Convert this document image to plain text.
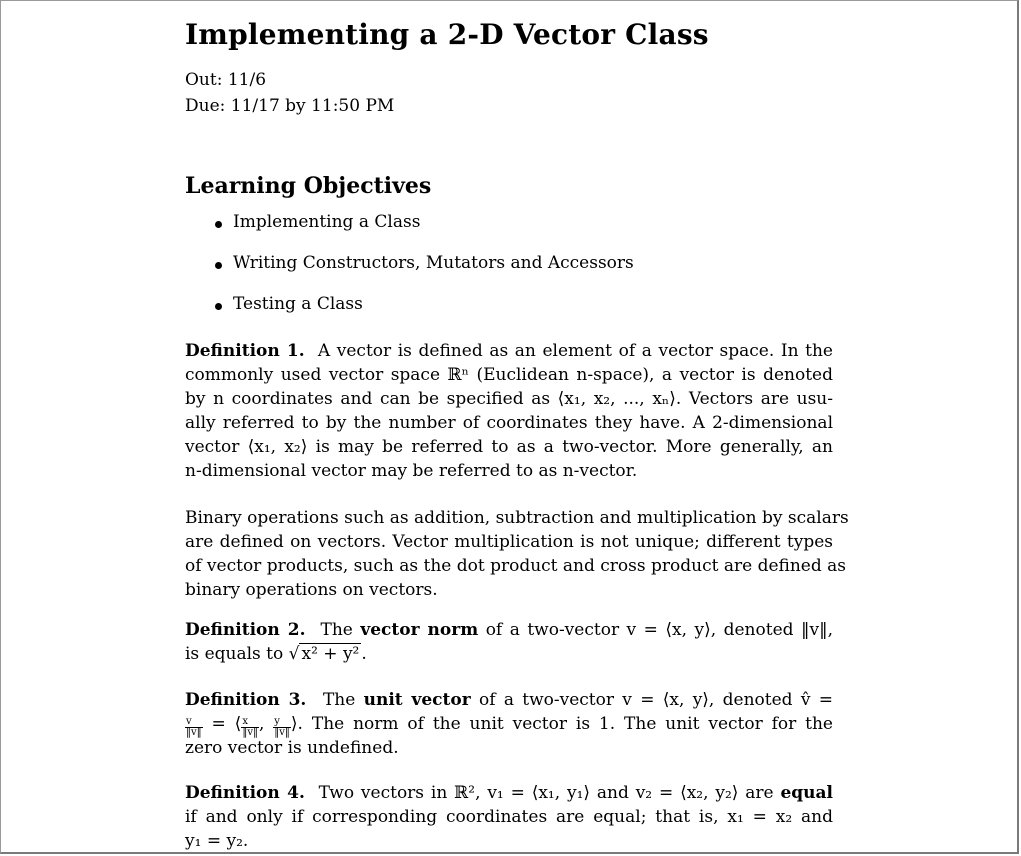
Implementing a 2-D Vector Class
Out: 11/6
Due: 11/17 by 11:50 PM
Learning Objectives
Implementing a Class
Writing Constructors, Mutators and Accessors
Testing a Class
Definition 1. A vector is defined as an element of a vector space. In the
commonly used vector space ℝⁿ (Euclidean n-space), a vector is denoted
by n coordinates and can be specified as ⟨x₁, x₂, ..., xₙ⟩. Vectors are usu-
ally referred to by the number of coordinates they have. A 2-dimensional
vector ⟨x₁, x₂⟩ is may be referred to as a two-vector. More generally, an
n-dimensional vector may be referred to as n-vector.
Binary operations such as addition, subtraction and multiplication by scalars
are defined on vectors. Vector multiplication is not unique; different types
of vector products, such as the dot product and cross product are defined as
binary operations on vectors.
Definition 2. The vector norm of a two-vector v = ⟨x, y⟩, denoted ‖v‖,
is equals to √ x² + y² .
Definition 3. The unit vector of a two-vector v = ⟨x, y⟩, denoted v̂ =
$\frac{v}{‖v‖}$ = ⟨ $\frac{x}{‖v‖}$ , $\frac{y}{‖v‖}$ ⟩. The norm of the unit vector is 1. The unit vector for the
zero vector is undefined.
Definition 4. Two vectors in ℝ², v₁ = ⟨x₁, y₁⟩ and v₂ = ⟨x₂, y₂⟩ are equal
if and only if corresponding coordinates are equal; that is, x₁ = x₂ and
y₁ = y₂.
